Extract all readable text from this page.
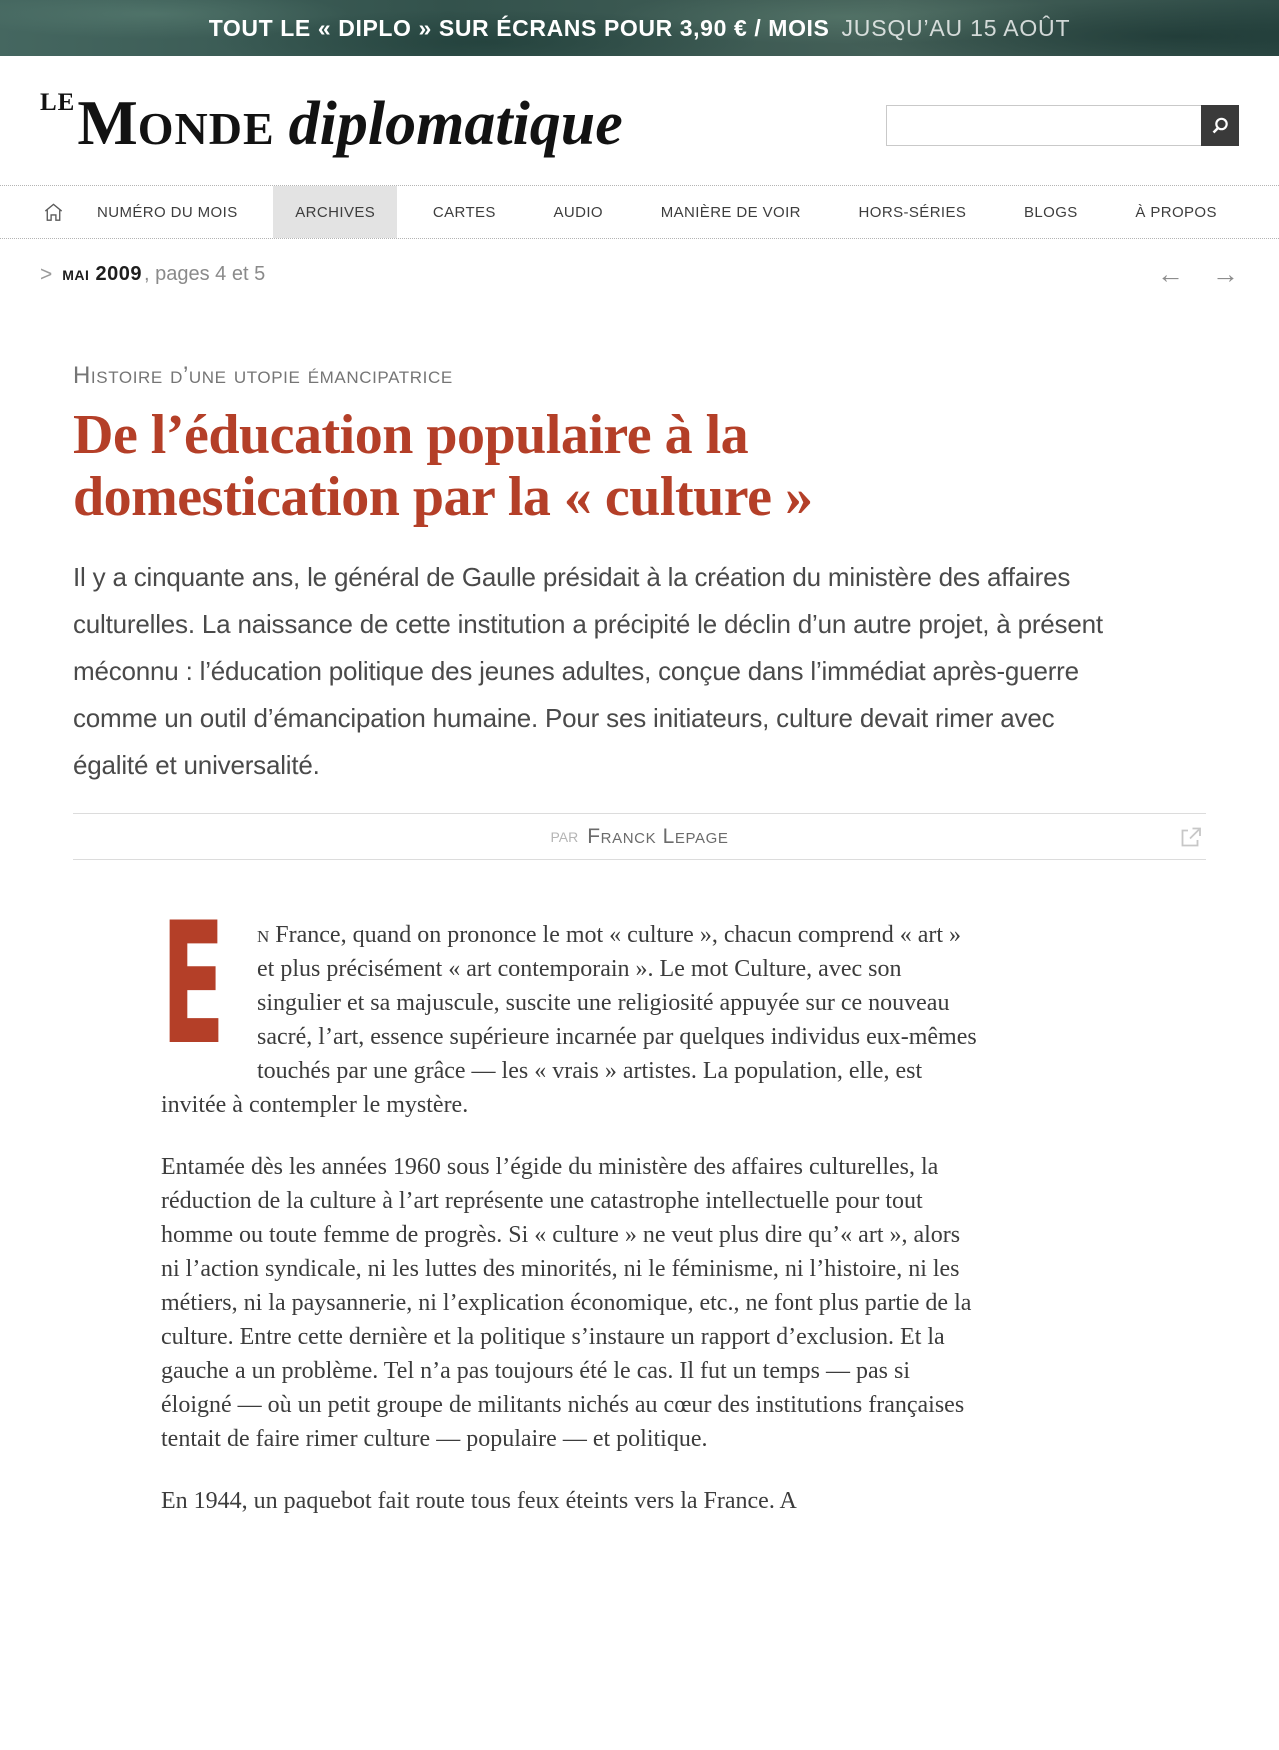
TOUT LE « DIPLO » SUR ÉCRANS POUR 3,90 € / MOIS JUSQU’AU 15 AOÛT
LEMONDE diplomatique
NUMÉRO DU MOIS	ARCHIVES	CARTES	AUDIO	MANIÈRE DE VOIR	HORS-SÉRIES	BLOGS	À PROPOS
> mai 2009 , pages 4 et 5	← →
Histoire d’une utopie émancipatrice
De l’éducation populaire à la domestication par la « culture »

Il y a cinquante ans, le général de Gaulle présidait à la création du ministère des affaires culturelles. La naissance de cette institution a précipité le déclin d’un autre projet, à présent méconnu : l’éducation politique des jeunes adultes, conçue dans l’immédiat après-guerre comme un outil d’émancipation humaine. Pour ses initiateurs, culture devait rimer avec égalité et universalité.

par Franck Lepage

E n France, quand on prononce le mot « culture », chacun comprend « art » et plus précisément « art contemporain ». Le mot Culture, avec son singulier et sa majuscule, suscite une religiosité appuyée sur ce nouveau sacré, l’art, essence supérieure incarnée par quelques individus eux-mêmes touchés par une grâce — les « vrais » artistes. La population, elle, est invitée à contempler le mystère.

Entamée dès les années 1960 sous l’égide du ministère des affaires culturelles, la réduction de la culture à l’art représente une catastrophe intellectuelle pour tout homme ou toute femme de progrès. Si « culture » ne veut plus dire qu’« art », alors ni l’action syndicale, ni les luttes des minorités, ni le féminisme, ni l’histoire, ni les métiers, ni la paysannerie, ni l’explication économique, etc., ne font plus partie de la culture. Entre cette dernière et la politique s’instaure un rapport d’exclusion. Et la gauche a un problème. Tel n’a pas toujours été le cas. Il fut un temps — pas si éloigné — où un petit groupe de militants nichés au cœur des institutions françaises tentait de faire rimer culture — populaire — et politique.

En 1944, un paquebot fait route tous feux éteints vers la France. A
